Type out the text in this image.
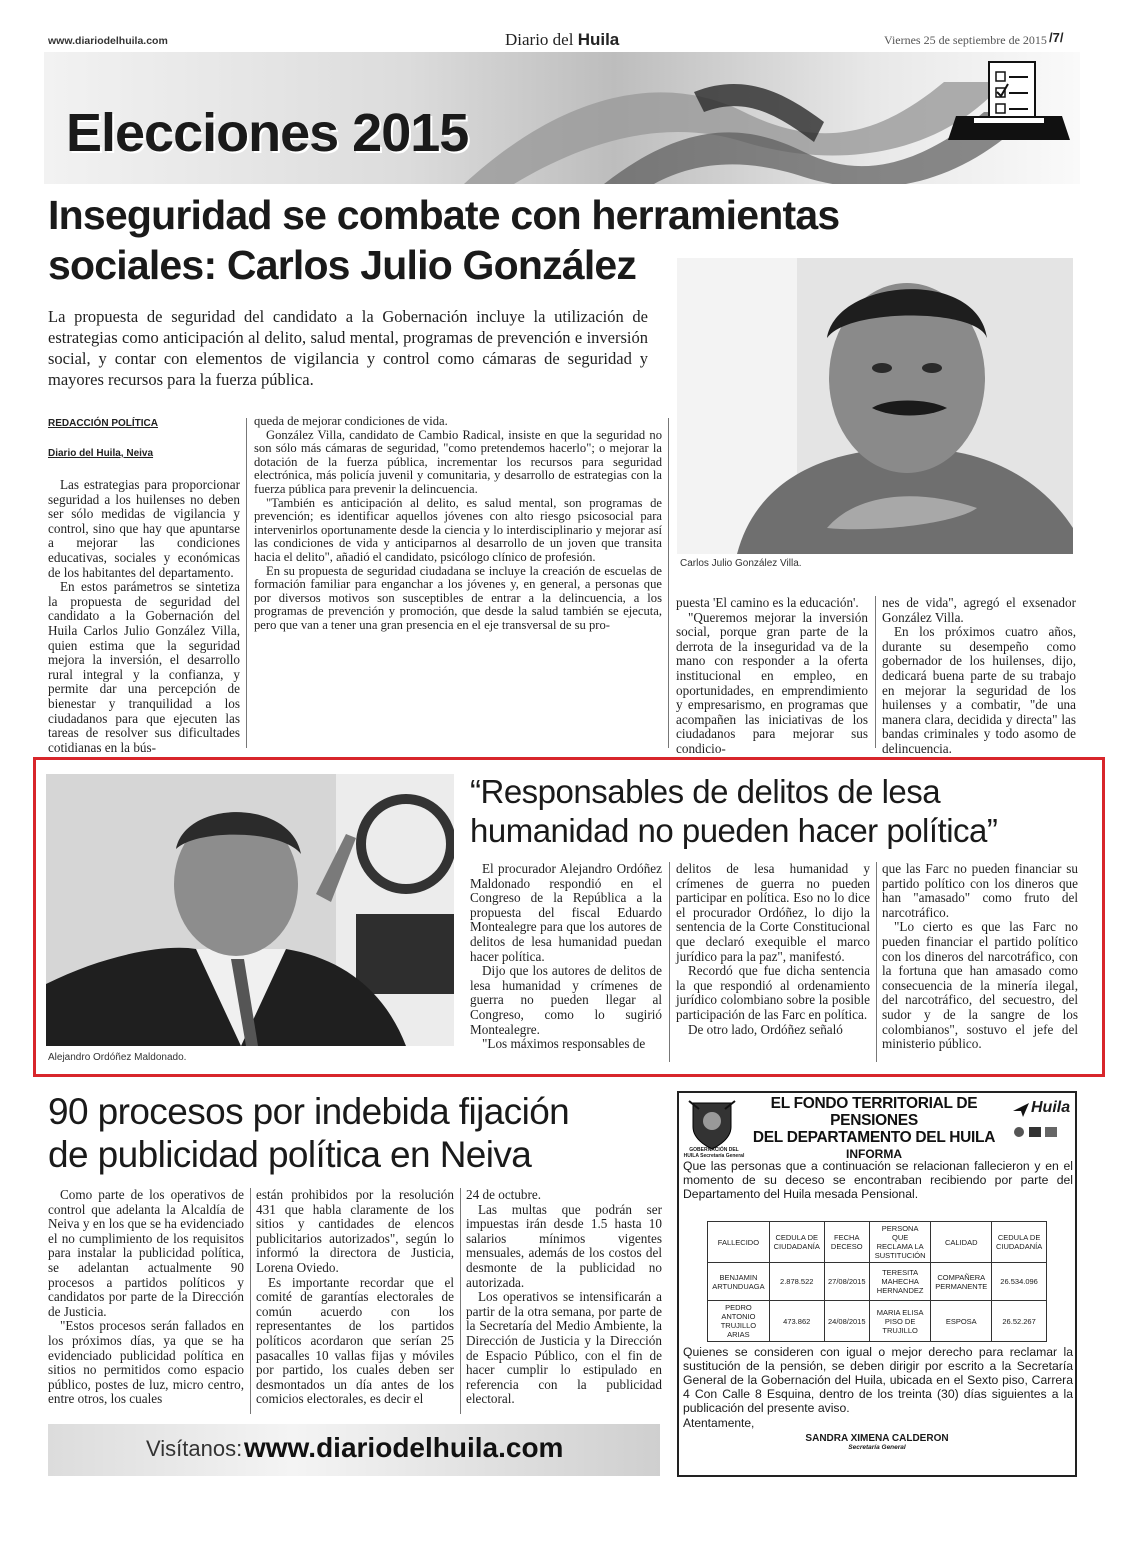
www.diariodelhuila.com	Diario del Huila	Viernes 25 de septiembre de 2015 /7/
Elecciones 2015
Inseguridad se combate con herramientas
sociales: Carlos Julio González
La propuesta de seguridad del candidato a la Gobernación incluye la utilización de estrategias como anticipación al delito, salud mental, programas de prevención e inversión social, y contar con elementos de vigilancia y control como cámaras de seguridad y mayores recursos para la fuerza pública.
Carlos Julio González Villa.
REDACCIÓN POLÍTICA
Diario del Huila, Neiva

Las estrategias para proporcionar seguridad a los huilenses no deben ser sólo medidas de vigilancia y control, sino que hay que apuntarse a mejorar las condiciones educativas, sociales y económicas de los habitantes del departamento.

En estos parámetros se sintetiza la propuesta de seguridad del candidato a la Gobernación del Huila Carlos Julio González Villa, quien estima que la seguridad mejora la inversión, el desarrollo rural integral y la confianza, y permite dar una percepción de bienestar y tranquilidad a los ciudadanos para que ejecuten las tareas de resolver sus dificultades cotidianas en la bús-

queda de mejorar condiciones de vida.

González Villa, candidato de Cambio Radical, insiste en que la seguridad no son sólo más cámaras de seguridad, "como pretendemos hacerlo"; o mejorar la dotación de la fuerza pública, incrementar los recursos para seguridad electrónica, más policía juvenil y comunitaria, y desarrollo de estrategias con la fuerza pública para prevenir la delincuencia.

"También es anticipación al delito, es salud mental, son programas de prevención; es identificar aquellos jóvenes con alto riesgo psicosocial para intervenirlos oportunamente desde la ciencia y lo interdisciplinario y mejorar así las condiciones de vida y anticiparnos al desarrollo de un joven que transita hacia el delito", añadió el candidato, psicólogo clínico de profesión.

En su propuesta de seguridad ciudadana se incluye la creación de escuelas de formación familiar para enganchar a los jóvenes y, en general, a personas que por diversos motivos son susceptibles de entrar a la delincuencia, a los programas de prevención y promoción, que desde la salud también se ejecuta, pero que van a tener una gran presencia en el eje transversal de su pro-

puesta 'El camino es la educación'.

"Queremos mejorar la inversión social, porque gran parte de la derrota de la inseguridad va de la mano con responder a la oferta institucional en empleo, en oportunidades, en emprendimiento y empresarismo, en programas que acompañen las iniciativas de los ciudadanos para mejorar sus condicio-

nes de vida", agregó el exsenador González Villa.

En los próximos cuatro años, durante su desempeño como gobernador de los huilenses, dijo, dedicará buena parte de su trabajo en mejorar la seguridad de los huilenses y a combatir, "de una manera clara, decidida y directa" las bandas criminales y todo asomo de delincuencia.

Alejandro Ordóñez Maldonado.
“Responsables de delitos de lesa
humanidad no pueden hacer política”

El procurador Alejandro Ordóñez Maldonado respondió en el Congreso de la República a la propuesta del fiscal Eduardo Montealegre para que los autores de delitos de lesa humanidad puedan hacer política.

Dijo que los autores de delitos de lesa humanidad y crímenes de guerra no pueden llegar al Congreso, como lo sugirió Montealegre.

"Los máximos responsables de

delitos de lesa humanidad y crímenes de guerra no pueden participar en política. Eso no lo dice el procurador Ordóñez, lo dijo la sentencia de la Corte Constitucional que declaró exequible el marco jurídico para la paz", manifestó.

Recordó que fue dicha sentencia la que respondió al ordenamiento jurídico colombiano sobre la posible participación de las Farc en política.

De otro lado, Ordóñez señaló

que las Farc no pueden financiar su partido político con los dineros que han "amasado" como fruto del narcotráfico.

"Lo cierto es que las Farc no pueden financiar el partido político con los dineros del narcotráfico, con la fortuna que han amasado como consecuencia de la minería ilegal, del narcotráfico, del secuestro, del sudor y de la sangre de los colombianos", sostuvo el jefe del ministerio público.

90 procesos por indebida fijación
de publicidad política en Neiva

Como parte de los operativos de control que adelanta la Alcaldía de Neiva y en los que se ha evidenciado el no cumplimiento de los requisitos para instalar la publicidad política, se adelantan actualmente 90 procesos a partidos políticos y candidatos por parte de la Dirección de Justicia.

"Estos procesos serán fallados en los próximos días, ya que se ha evidenciado publicidad política en sitios no permitidos como espacio público, postes de luz, micro centro, entre otros, los cuales

están prohibidos por la resolución 431 que habla claramente de los sitios y cantidades de elencos publicitarios autorizados", según lo informó la directora de Justicia, Lorena Oviedo.

Es importante recordar que el comité de garantías electorales de común acuerdo con los representantes de los partidos políticos acordaron que serían 25 pasacalles 10 vallas fijas y móviles por partido, los cuales deben ser desmontados un día antes de los comicios electorales, es decir el

24 de octubre.

Las multas que podrán ser impuestas irán desde 1.5 hasta 10 salarios mínimos vigentes mensuales, además de los costos del desmonte de la publicidad no autorizada.

Los operativos se intensificarán a partir de la otra semana, por parte de la Secretaría del Medio Ambiente, la Dirección de Justicia y la Dirección de Espacio Público, con el fin de hacer cumplir lo estipulado en referencia con la publicidad electoral.

Visítanos: www.diariodelhuila.com
GOBERNACIÓN DEL HUILA Secretaría General
EL FONDO TERRITORIAL DE PENSIONES
DEL DEPARTAMENTO DEL HUILA
INFORMA
Huila
Que las personas que a continuación se relacionan fallecieron y en el momento de su deceso se encontraban recibiendo por parte del Departamento del Huila mesada Pensional.
FALLECIDO	CEDULA DE CIUDADANÍA	FECHA DECESO	PERSONA QUE RECLAMA LA SUSTITUCIÓN	CALIDAD	CEDULA DE CIUDADANÍA
BENJAMIN ARTUNDUAGA	2.878.522	27/08/2015	TERESITA MAHECHA HERNANDEZ	COMPAÑERA PERMANENTE	26.534.096
PEDRO ANTONIO TRUJILLO ARIAS	473.862	24/08/2015	MARIA ELISA PISO DE TRUJILLO	ESPOSA	26.52.267
Quienes se consideren con igual o mejor derecho para reclamar la sustitución de la pensión, se deben dirigir por escrito a la Secretaría General de la Gobernación del Huila, ubicada en el Sexto piso, Carrera 4 Con Calle 8 Esquina, dentro de los treinta (30) días siguientes a la publicación del presente aviso.
Atentamente,
SANDRA XIMENA CALDERON
Secretaría General
